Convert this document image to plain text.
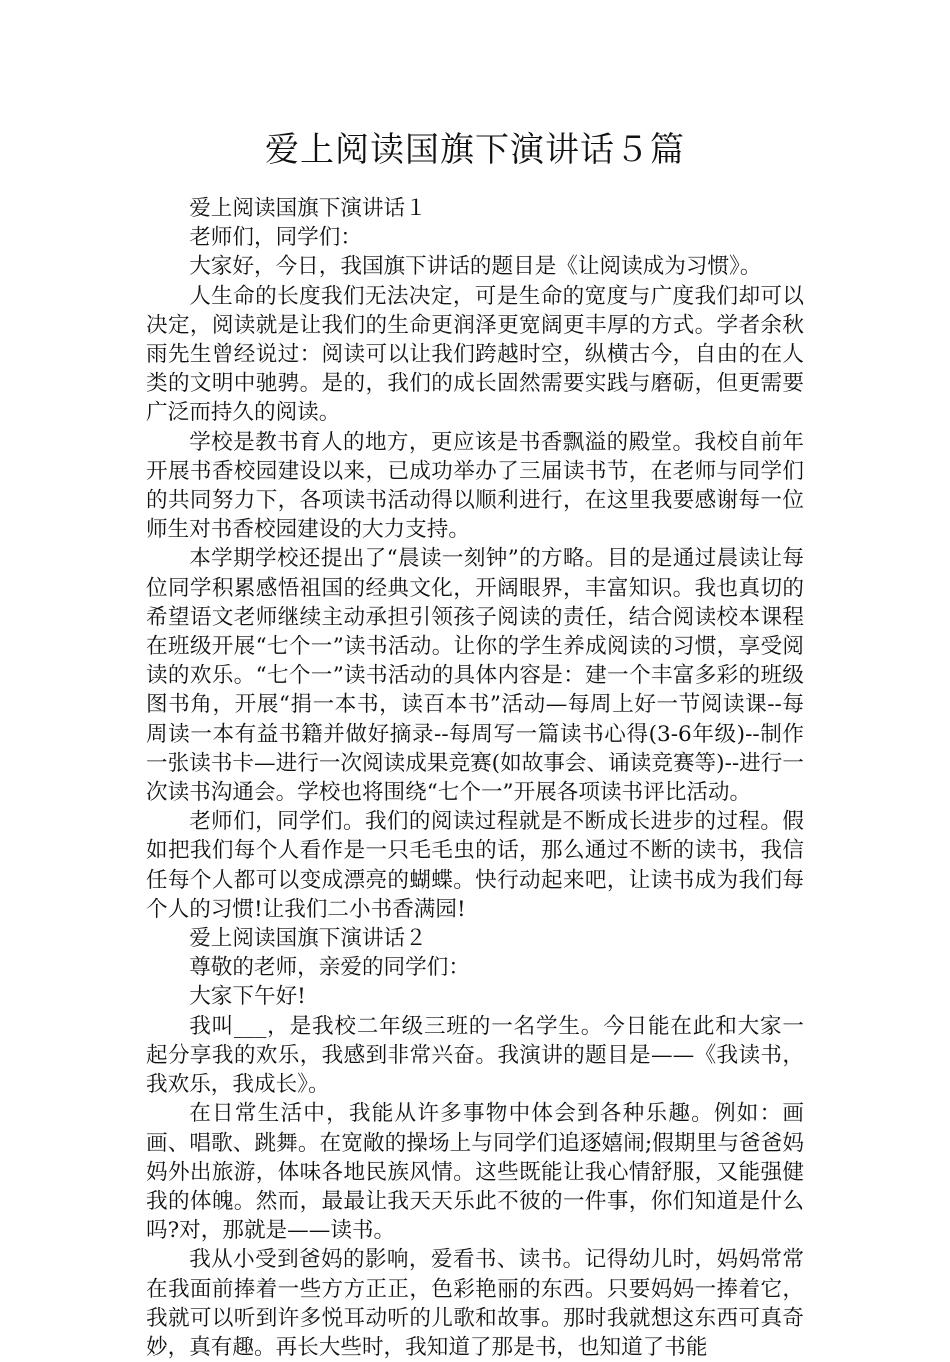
爱上阅读国旗下演讲话５篇

爱上阅读国旗下演讲话１

老师们，同学们：

大家好，今日，我国旗下讲话的题目是《让阅读成为习惯》。

人生命的长度我们无法决定，可是生命的宽度与广度我们却可以决定，阅读就是让我们的生命更润泽更宽阔更丰厚的方式。学者余秋雨先生曾经说过：阅读可以让我们跨越时空，纵横古今，自由的在人类的文明中驰骋。是的，我们的成长固然需要实践与磨砺，但更需要广泛而持久的阅读。

学校是教书育人的地方，更应该是书香飘溢的殿堂。我校自前年开展书香校园建设以来，已成功举办了三届读书节，在老师与同学们的共同努力下，各项读书活动得以顺利进行，在这里我要感谢每一位师生对书香校园建设的大力支持。

本学期学校还提出了“晨读一刻钟”的方略。目的是通过晨读让每位同学积累感悟祖国的经典文化，开阔眼界，丰富知识。我也真切的希望语文老师继续主动承担引领孩子阅读的责任，结合阅读校本课程在班级开展“七个一”读书活动。让你的学生养成阅读的习惯，享受阅读的欢乐。“七个一”读书活动的具体内容是：建一个丰富多彩的班级图书角，开展“捐一本书，读百本书”活动—每周上好一节阅读课--每周读一本有益书籍并做好摘录--每周写一篇读书心得(3-6年级)--制作一张读书卡—进行一次阅读成果竞赛(如故事会、诵读竞赛等)--进行一次读书沟通会。学校也将围绕“七个一”开展各项读书评比活动。

老师们，同学们。我们的阅读过程就是不断成长进步的过程。假如把我们每个人看作是一只毛毛虫的话，那么通过不断的读书，我信任每个人都可以变成漂亮的蝴蝶。快行动起来吧，让读书成为我们每个人的习惯!让我们二小书香满园!

爱上阅读国旗下演讲话２

尊敬的老师，亲爱的同学们：

大家下午好!

我叫___，是我校二年级三班的一名学生。今日能在此和大家一起分享我的欢乐，我感到非常兴奋。我演讲的题目是——《我读书，我欢乐，我成长》。

在日常生活中，我能从许多事物中体会到各种乐趣。例如：画画、唱歌、跳舞。在宽敞的操场上与同学们追逐嬉闹;假期里与爸爸妈妈外出旅游，体味各地民族风情。这些既能让我心情舒服，又能强健我的体魄。然而，最最让我天天乐此不彼的一件事，你们知道是什么吗?对，那就是——读书。

我从小受到爸妈的影响，爱看书、读书。记得幼儿时，妈妈常常在我面前捧着一些方方正正，色彩艳丽的东西。只要妈妈一捧着它，我就可以听到许多悦耳动听的儿歌和故事。那时我就想这东西可真奇妙，真有趣。再长大些时，我知道了那是书，也知道了书能
